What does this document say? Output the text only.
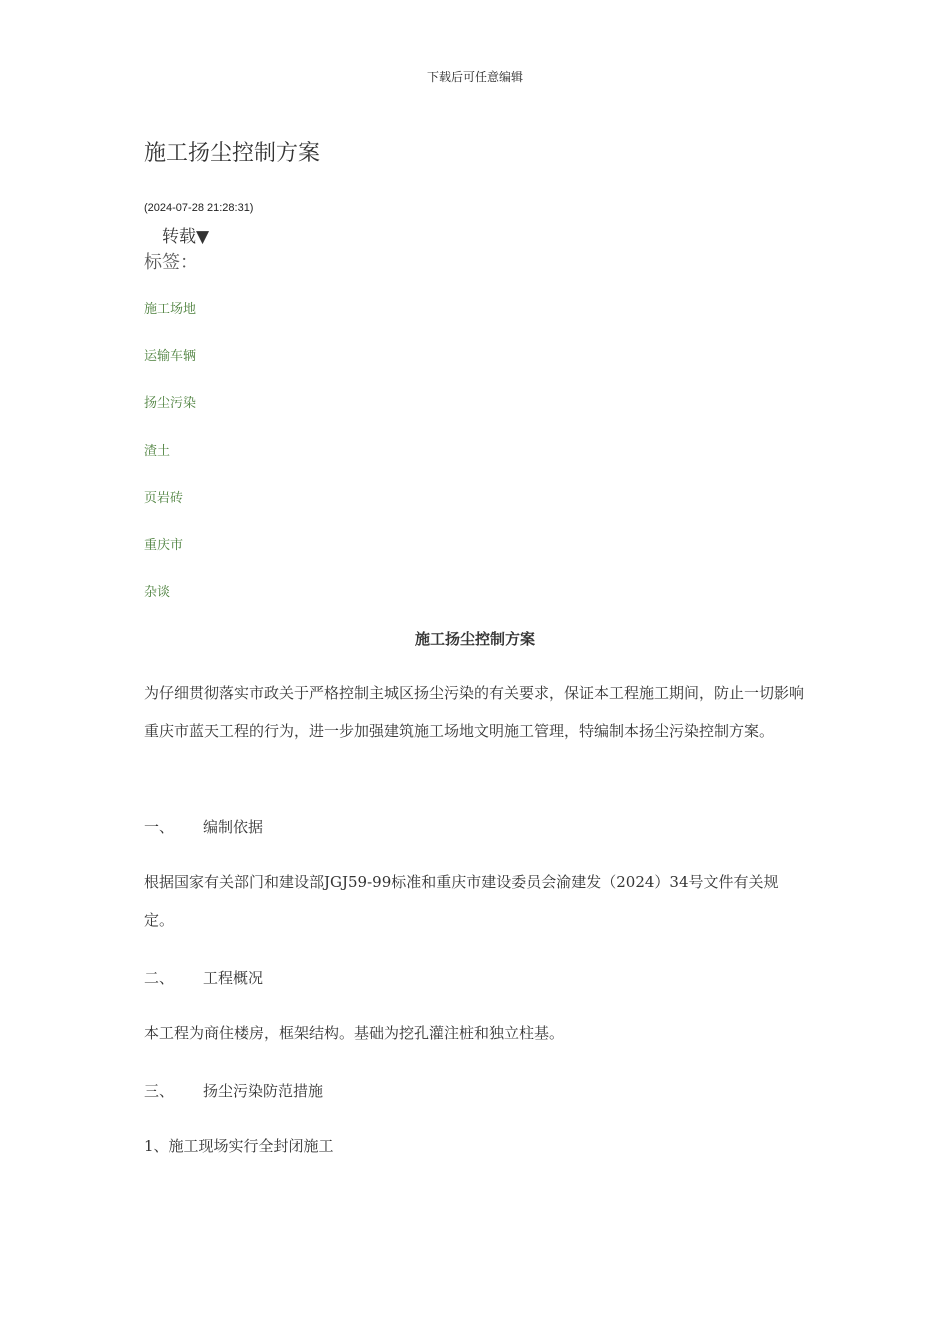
下载后可任意编辑
施工扬尘控制方案
(2024-07-28 21:28:31)
转载▼
标签：
施工场地
运输车辆
扬尘污染
渣土
页岩砖
重庆市
杂谈
施工扬尘控制方案
为仔细贯彻落实市政关于严格控制主城区扬尘污染的有关要求，保证本工程施工期间，防止一切影响重庆市蓝天工程的行为，进一步加强建筑施工场地文明施工管理，特编制本扬尘污染控制方案。
一、 编制依据
根据国家有关部门和建设部JGJ59-99标准和重庆市建设委员会渝建发（2024）34号文件有关规定。
二、 工程概况
本工程为商住楼房，框架结构。基础为挖孔灌注桩和独立柱基。
三、 扬尘污染防范措施
1、施工现场实行全封闭施工
